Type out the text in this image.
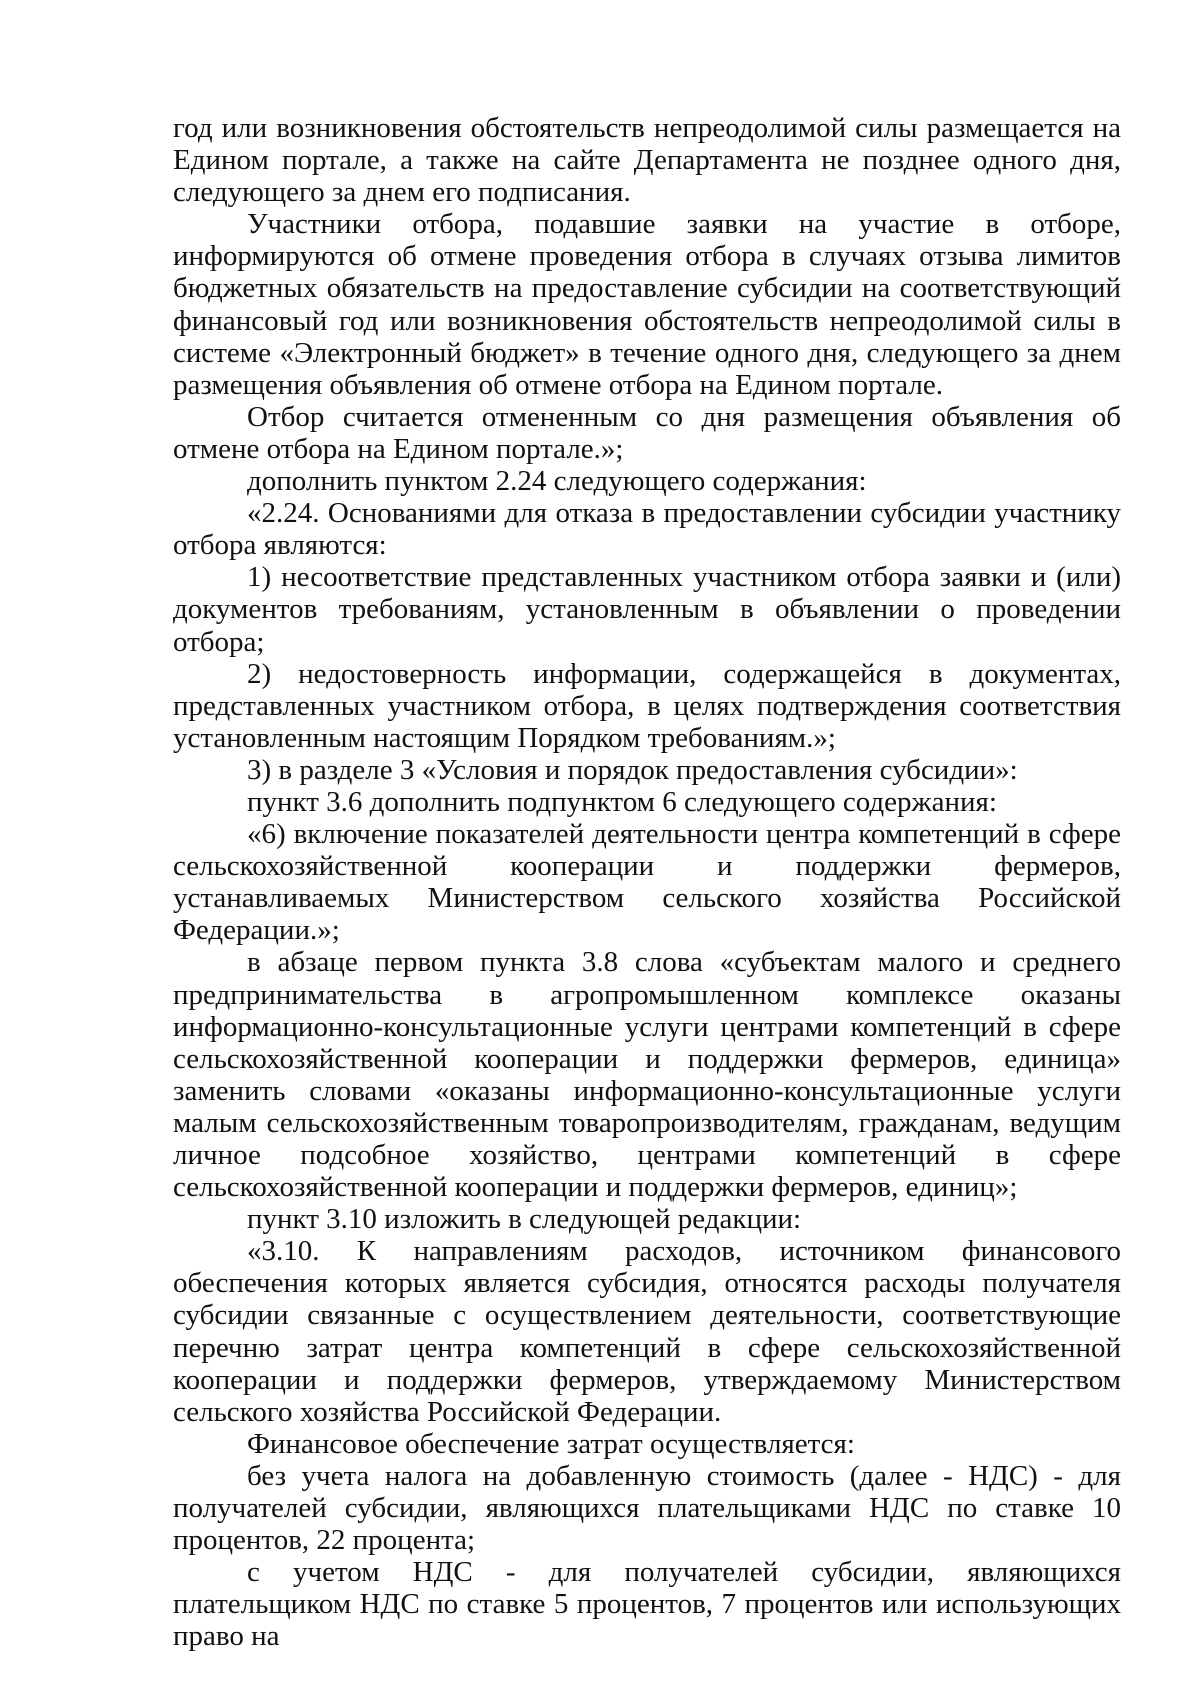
год или возникновения обстоятельств непреодолимой силы размещается на Едином портале, а также на сайте Департамента не позднее одного дня, следующего за днем его подписания.

Участники отбора, подавшие заявки на участие в отборе, информируются об отмене проведения отбора в случаях отзыва лимитов бюджетных обязательств на предоставление субсидии на соответствующий финансовый год или возникновения обстоятельств непреодолимой силы в системе «Электронный бюджет» в течение одного дня, следующего за днем размещения объявления об отмене отбора на Едином портале.

Отбор считается отмененным со дня размещения объявления об отмене отбора на Едином портале.»;

дополнить пунктом 2.24 следующего содержания:

«2.24. Основаниями для отказа в предоставлении субсидии участнику отбора являются:

1) несоответствие представленных участником отбора заявки и (или) документов требованиям, установленным в объявлении о проведении отбора;

2) недостоверность информации, содержащейся в документах, представленных участником отбора, в целях подтверждения соответствия установленным настоящим Порядком требованиям.»;

3) в разделе 3 «Условия и порядок предоставления субсидии»:

пункт 3.6 дополнить подпунктом 6 следующего содержания:

«6) включение показателей деятельности центра компетенций в сфере сельскохозяйственной кооперации и поддержки фермеров, устанавливаемых Министерством сельского хозяйства Российской Федерации.»;

в абзаце первом пункта 3.8 слова «субъектам малого и среднего предпринимательства в агропромышленном комплексе оказаны информационно-консультационные услуги центрами компетенций в сфере сельскохозяйственной кооперации и поддержки фермеров, единица» заменить словами «оказаны информационно-консультационные услуги малым сельскохозяйственным товаропроизводителям, гражданам, ведущим личное подсобное хозяйство, центрами компетенций в сфере сельскохозяйственной кооперации и поддержки фермеров, единиц»;

пункт 3.10 изложить в следующей редакции:

«3.10. К направлениям расходов, источником финансового обеспечения которых является субсидия, относятся расходы получателя субсидии связанные с осуществлением деятельности, соответствующие перечню затрат центра компетенций в сфере сельскохозяйственной кооперации и поддержки фермеров, утверждаемому Министерством сельского хозяйства Российской Федерации.

Финансовое обеспечение затрат осуществляется:

без учета налога на добавленную стоимость (далее - НДС) - для получателей субсидии, являющихся плательщиками НДС по ставке 10 процентов, 22 процента;

с учетом НДС - для получателей субсидии, являющихся плательщиком НДС по ставке 5 процентов, 7 процентов или использующих право на
